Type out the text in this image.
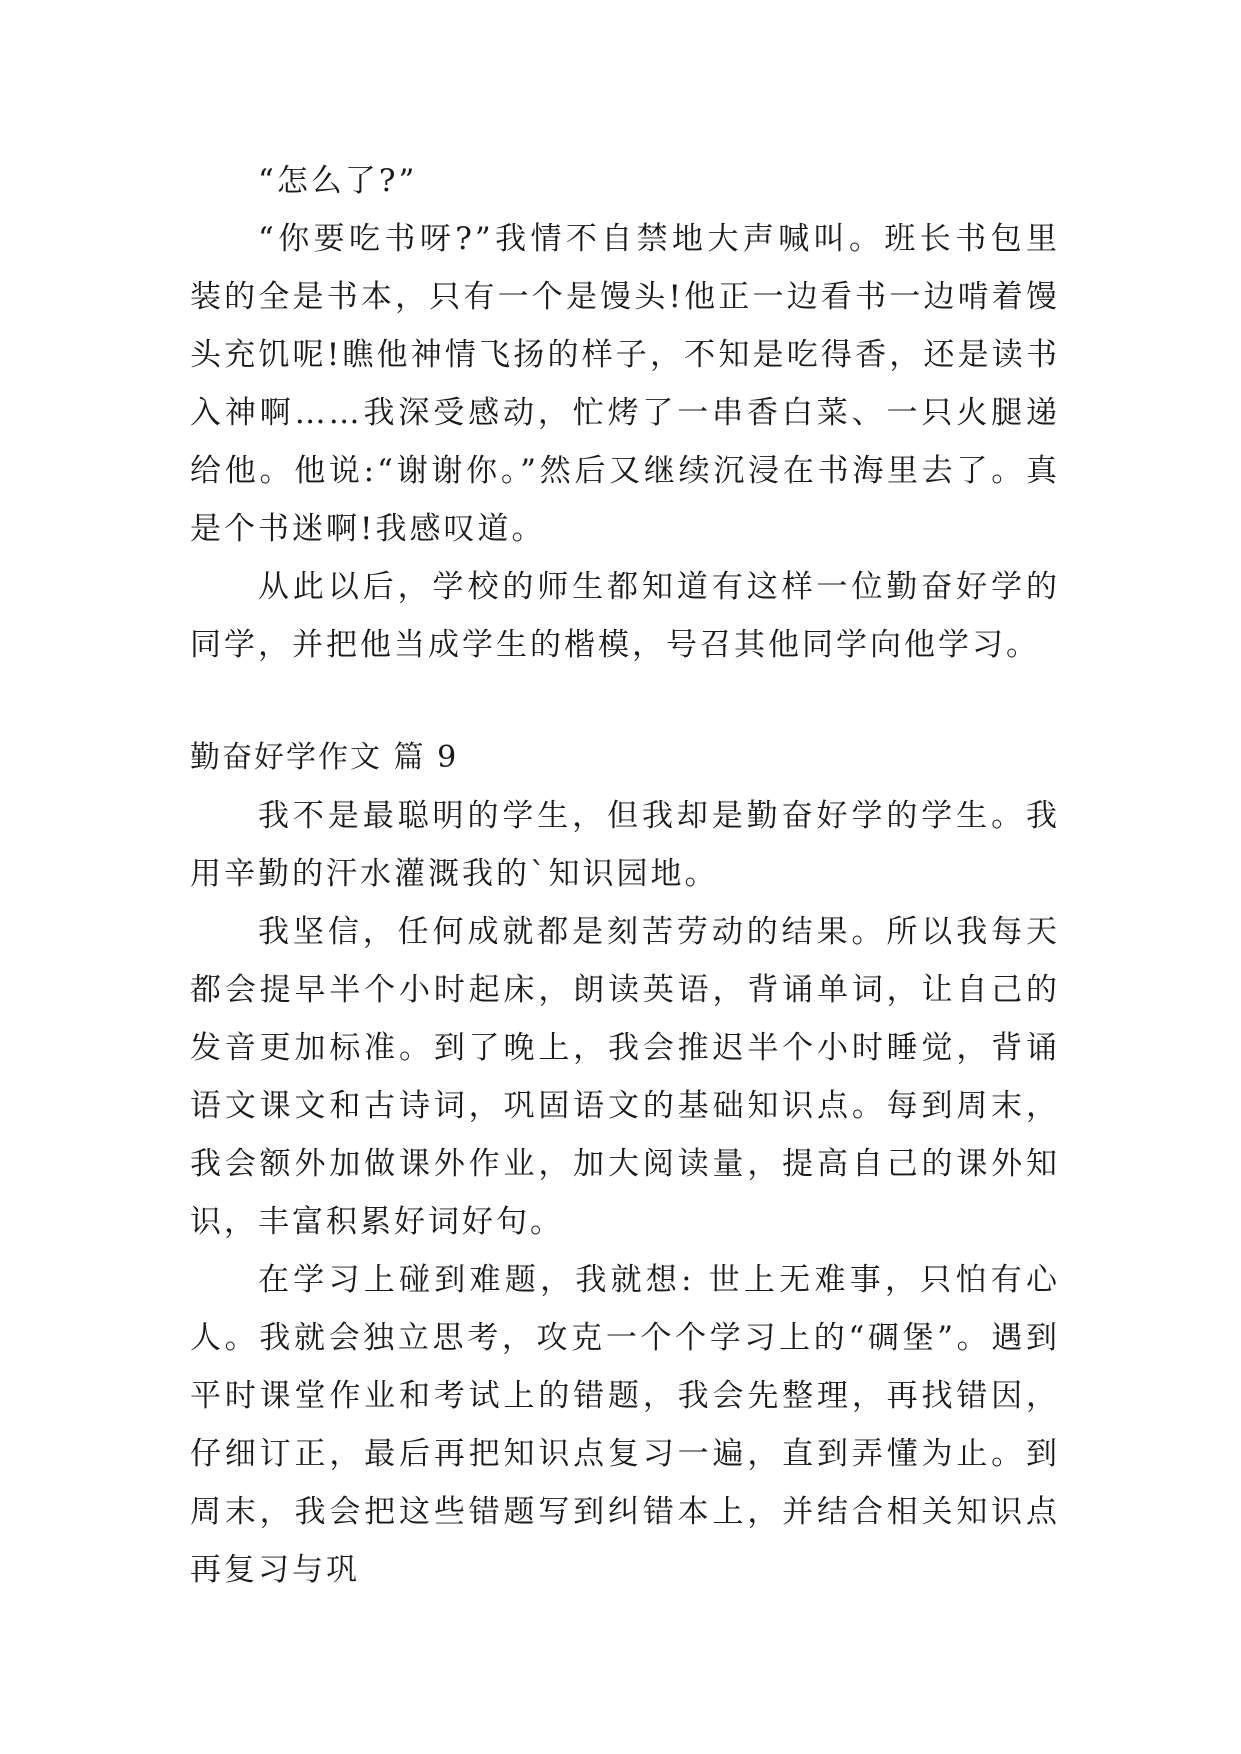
“怎么了?”

“你要吃书呀?”我情不自禁地大声喊叫。班长书包里装的全是书本，只有一个是馒头!他正一边看书一边啃着馒头充饥呢!瞧他神情飞扬的样子，不知是吃得香，还是读书入神啊……我深受感动，忙烤了一串香白菜、一只火腿递给他。他说:“谢谢你。”然后又继续沉浸在书海里去了。真是个书迷啊!我感叹道。

从此以后，学校的师生都知道有这样一位勤奋好学的同学，并把他当成学生的楷模，号召其他同学向他学习。

勤奋好学作文 篇 9

我不是最聪明的学生，但我却是勤奋好学的学生。我用辛勤的汗水灌溉我的`知识园地。

我坚信，任何成就都是刻苦劳动的结果。所以我每天都会提早半个小时起床，朗读英语，背诵单词，让自己的发音更加标准。到了晚上，我会推迟半个小时睡觉，背诵语文课文和古诗词，巩固语文的基础知识点。每到周末，我会额外加做课外作业，加大阅读量，提高自己的课外知识，丰富积累好词好句。

在学习上碰到难题，我就想: 世上无难事，只怕有心人。我就会独立思考，攻克一个个学习上的“碉堡”。遇到平时课堂作业和考试上的错题，我会先整理，再找错因，仔细订正，最后再把知识点复习一遍，直到弄懂为止。到周末，我会把这些错题写到纠错本上，并结合相关知识点再复习与巩
